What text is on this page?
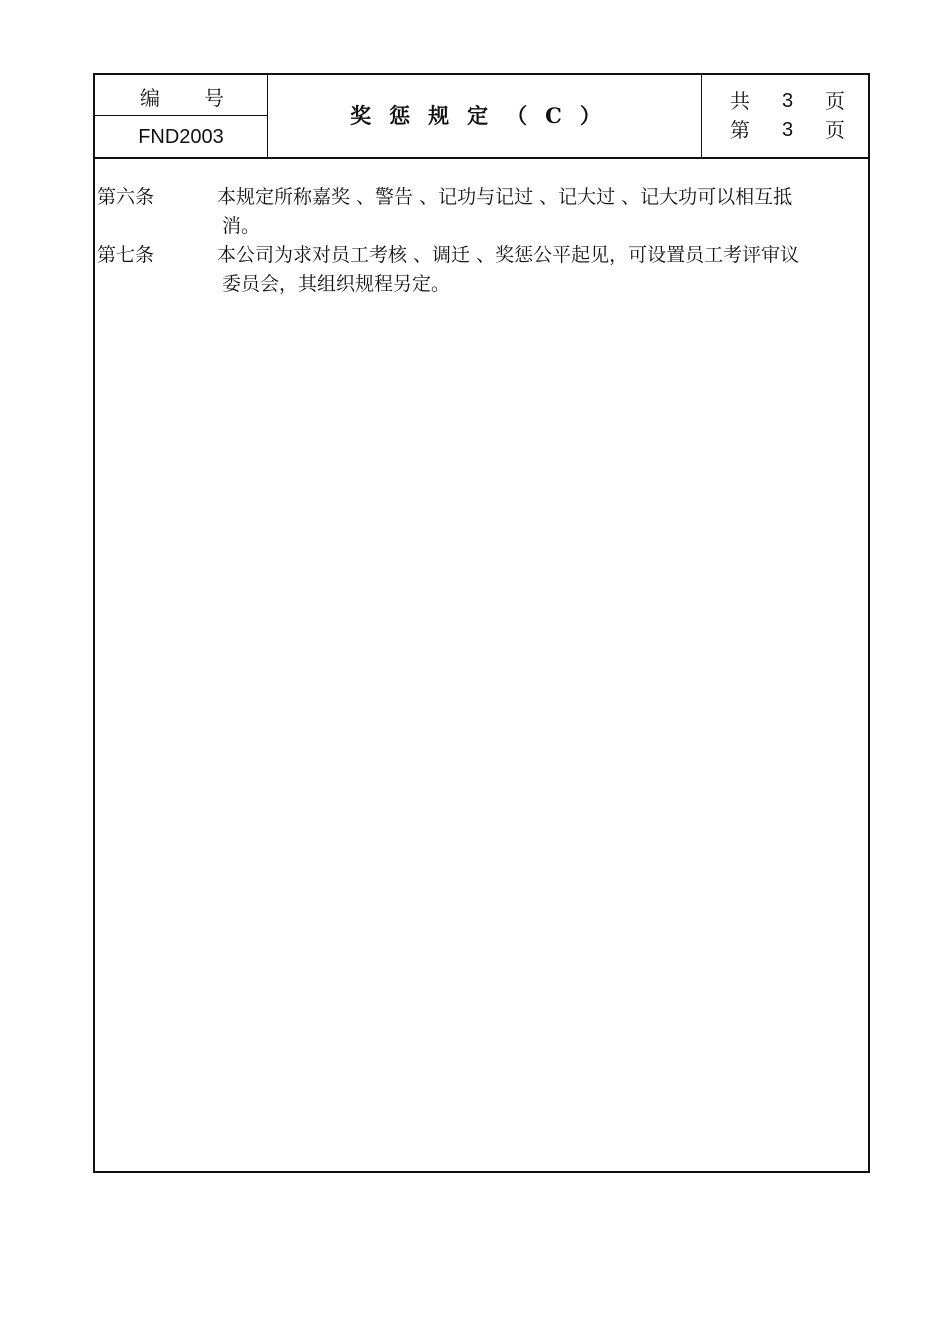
编 号
FND2003
奖惩规定（C）
共 3 页
第 3 页
第六条	本规定所称嘉奖 、警告 、记功与记过 、记大过 、记大功可以相互抵
消。
第七条	本公司为求对员工考核 、调迁 、奖惩公平起见，可设置员工考评审议
委员会，其组织规程另定。
